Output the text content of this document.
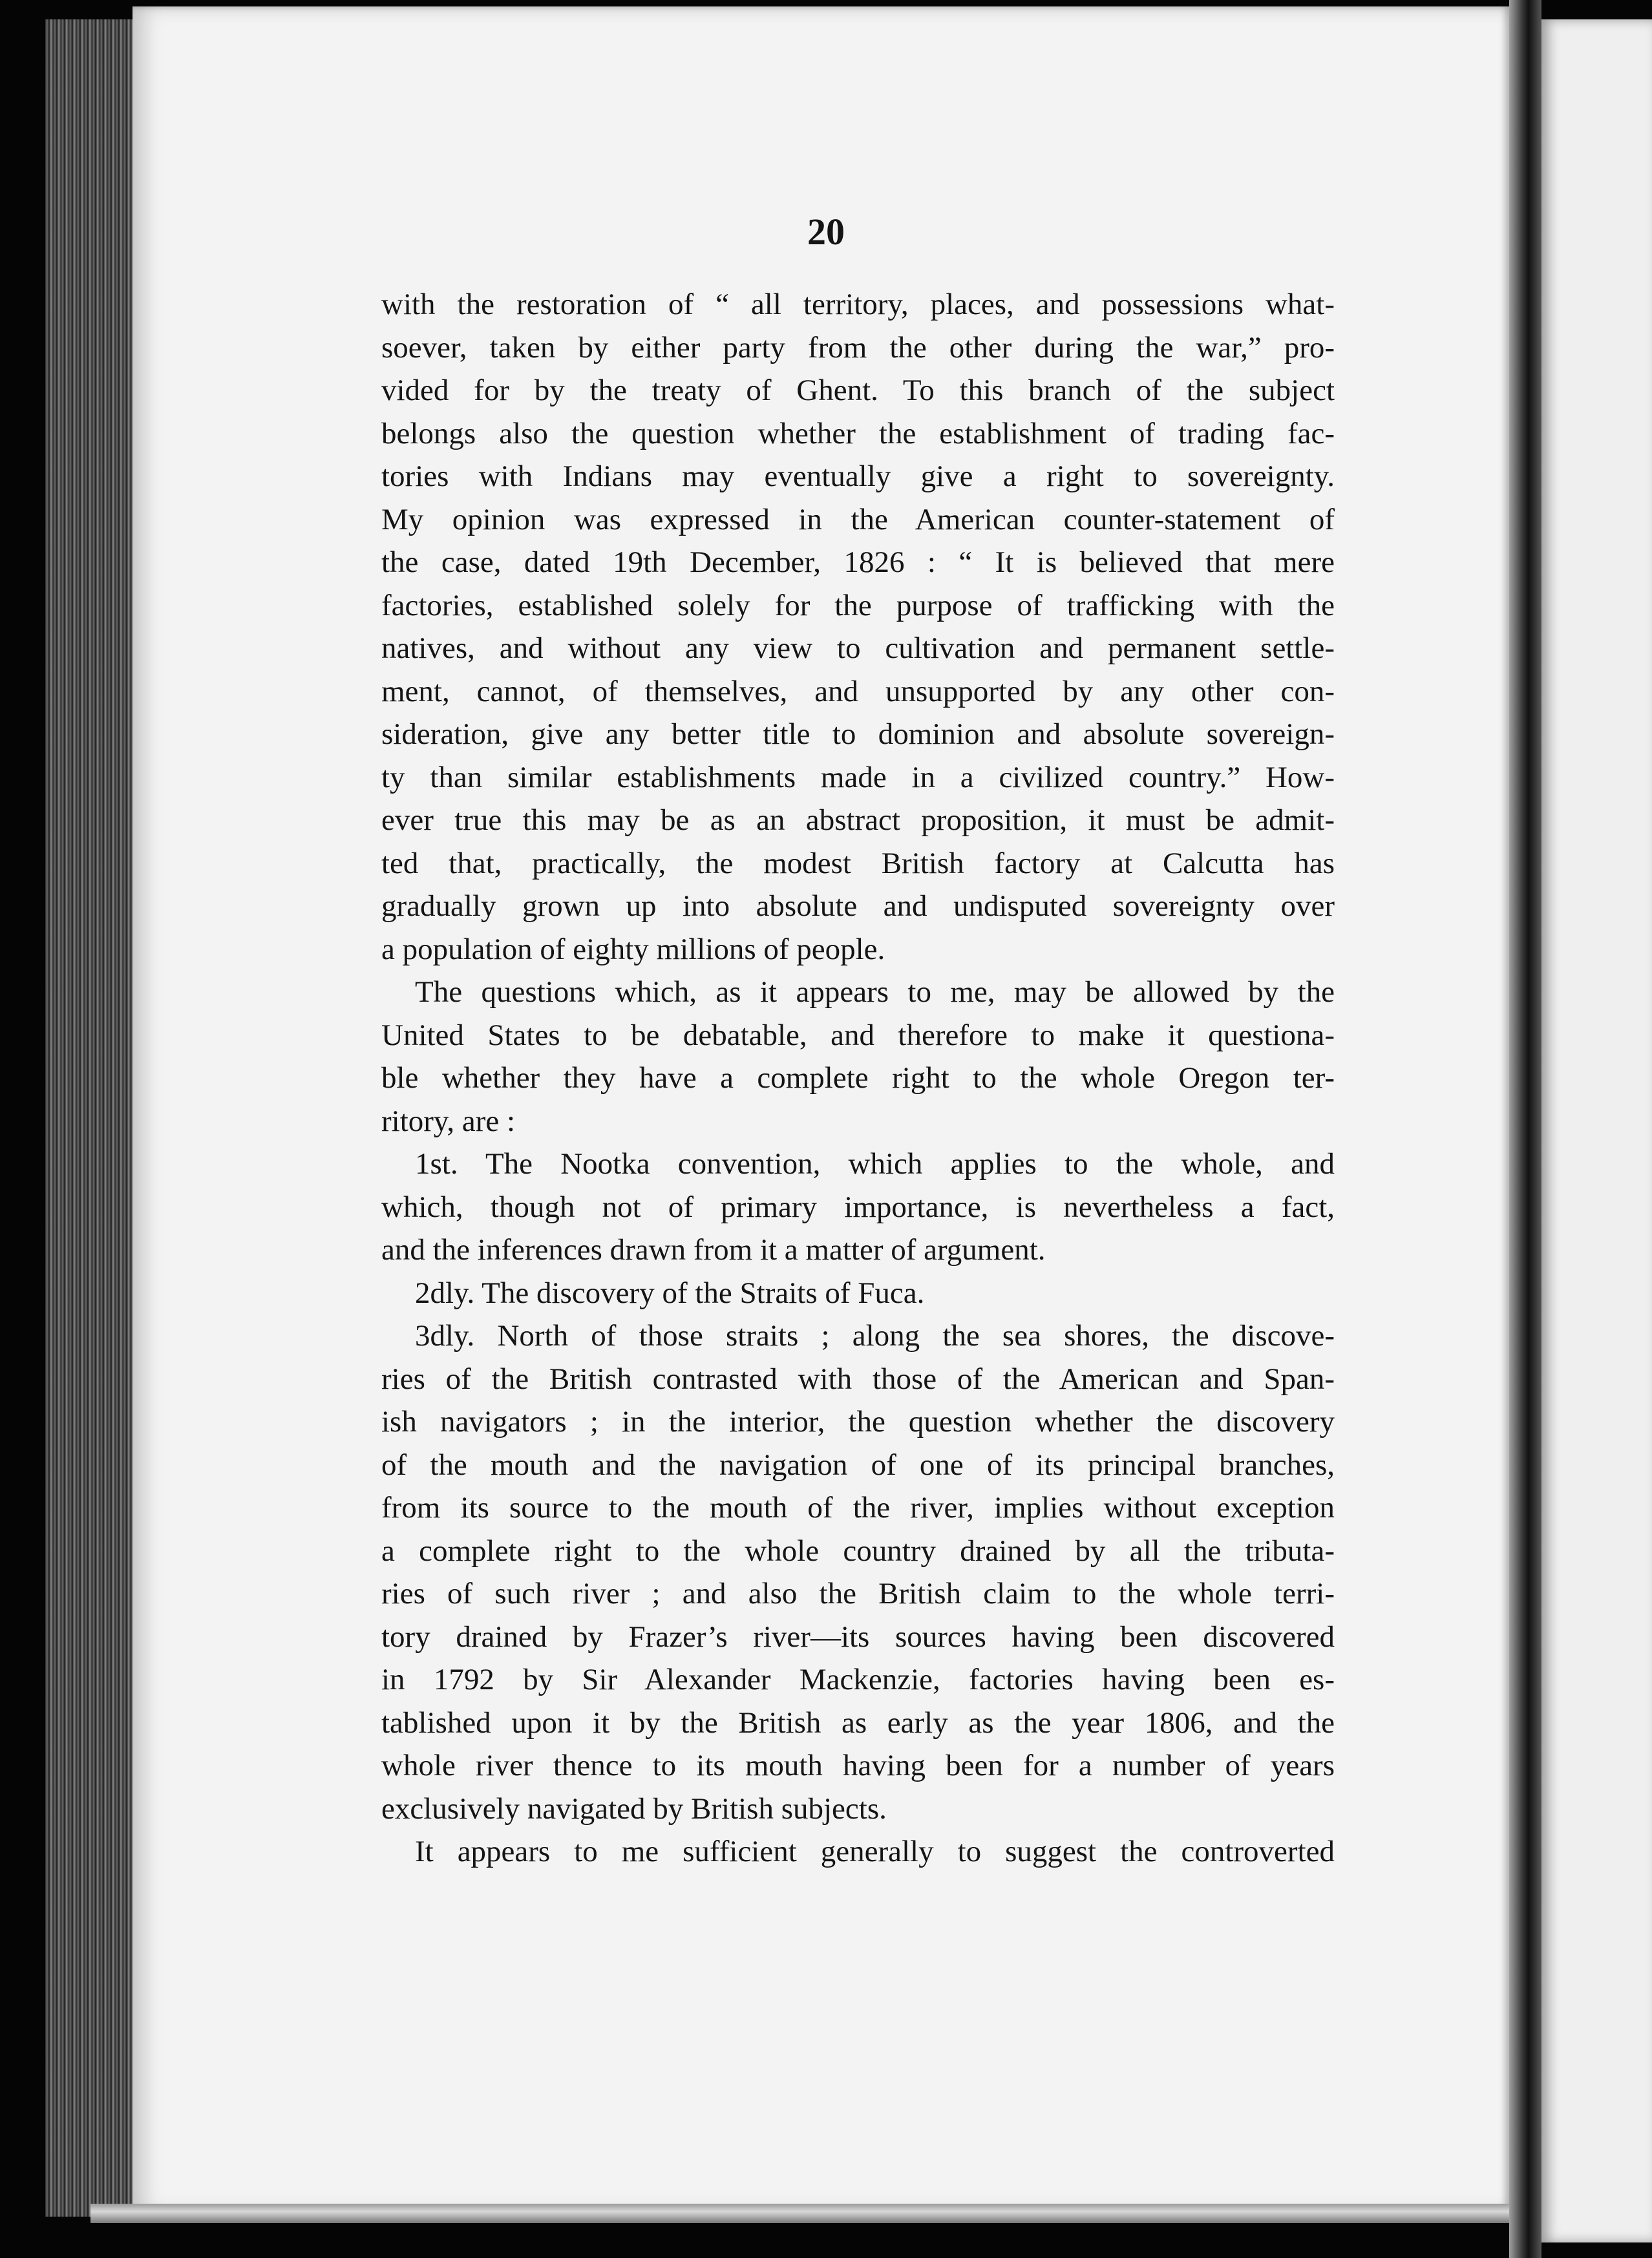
20
with the restoration of “ all territory, places, and possessions what-
soever, taken by either party from the other during the war,” pro-
vided for by the treaty of Ghent. To this branch of the subject
belongs also the question whether the establishment of trading fac-
tories with Indians may eventually give a right to sovereignty.
My opinion was expressed in the American counter-statement of
the case, dated 19th December, 1826 : “ It is believed that mere
factories, established solely for the purpose of trafficking with the
natives, and without any view to cultivation and permanent settle-
ment, cannot, of themselves, and unsupported by any other con-
sideration, give any better title to dominion and absolute sovereign-
ty than similar establishments made in a civilized country.” How-
ever true this may be as an abstract proposition, it must be admit-
ted that, practically, the modest British factory at Calcutta has
gradually grown up into absolute and undisputed sovereignty over
a population of eighty millions of people.
The questions which, as it appears to me, may be allowed by the
United States to be debatable, and therefore to make it questiona-
ble whether they have a complete right to the whole Oregon ter-
ritory, are :
1st. The Nootka convention, which applies to the whole, and
which, though not of primary importance, is nevertheless a fact,
and the inferences drawn from it a matter of argument.
2dly. The discovery of the Straits of Fuca.
3dly. North of those straits ; along the sea shores, the discove-
ries of the British contrasted with those of the American and Span-
ish navigators ; in the interior, the question whether the discovery
of the mouth and the navigation of one of its principal branches,
from its source to the mouth of the river, implies without exception
a complete right to the whole country drained by all the tributa-
ries of such river ; and also the British claim to the whole terri-
tory drained by Frazer’s river—its sources having been discovered
in 1792 by Sir Alexander Mackenzie, factories having been es-
tablished upon it by the British as early as the year 1806, and the
whole river thence to its mouth having been for a number of years
exclusively navigated by British subjects.
It appears to me sufficient generally to suggest the controverted
